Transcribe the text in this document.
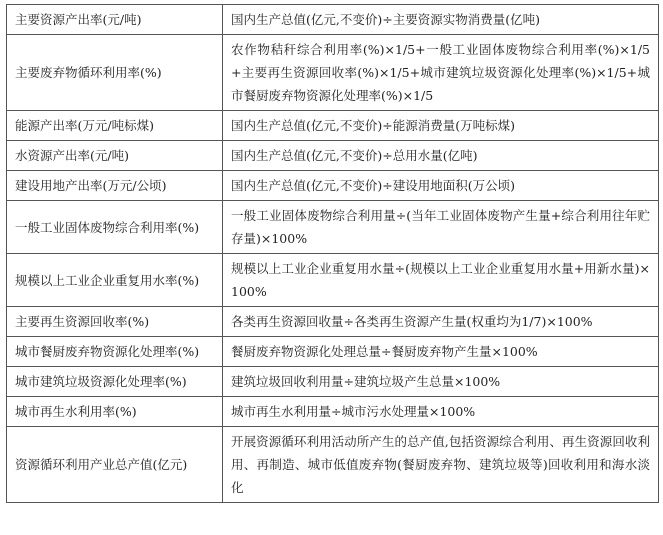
主要资源产出率(元/吨)	国内生产总值(亿元,不变价)÷主要资源实物消费量(亿吨)
主要废弃物循环利用率(%)	农作物秸秆综合利用率(%)×1/5+一般工业固体废物综合利用率(%)×1/5+主要再生资源回收率(%)×1/5+城市建筑垃圾资源化处理率(%)×1/5+城市餐厨废弃物资源化处理率(%)×1/5
能源产出率(万元/吨标煤)	国内生产总值(亿元,不变价)÷能源消费量(万吨标煤)
水资源产出率(元/吨)	国内生产总值(亿元,不变价)÷总用水量(亿吨)
建设用地产出率(万元/公顷)	国内生产总值(亿元,不变价)÷建设用地面积(万公顷)
一般工业固体废物综合利用率(%)	一般工业固体废物综合利用量÷(当年工业固体废物产生量+综合利用往年贮存量)×100%
规模以上工业企业重复用水率(%)	规模以上工业企业重复用水量÷(规模以上工业企业重复用水量+用新水量)×100%
主要再生资源回收率(%)	各类再生资源回收量÷各类再生资源产生量(权重均为1/7)×100%
城市餐厨废弃物资源化处理率(%)	餐厨废弃物资源化处理总量÷餐厨废弃物产生量×100%
城市建筑垃圾资源化处理率(%)	建筑垃圾回收利用量÷建筑垃圾产生总量×100%
城市再生水利用率(%)	城市再生水利用量÷城市污水处理量×100%
资源循环利用产业总产值(亿元)	开展资源循环利用活动所产生的总产值,包括资源综合利用、再生资源回收利用、再制造、城市低值废弃物(餐厨废弃物、建筑垃圾等)回收利用和海水淡化
